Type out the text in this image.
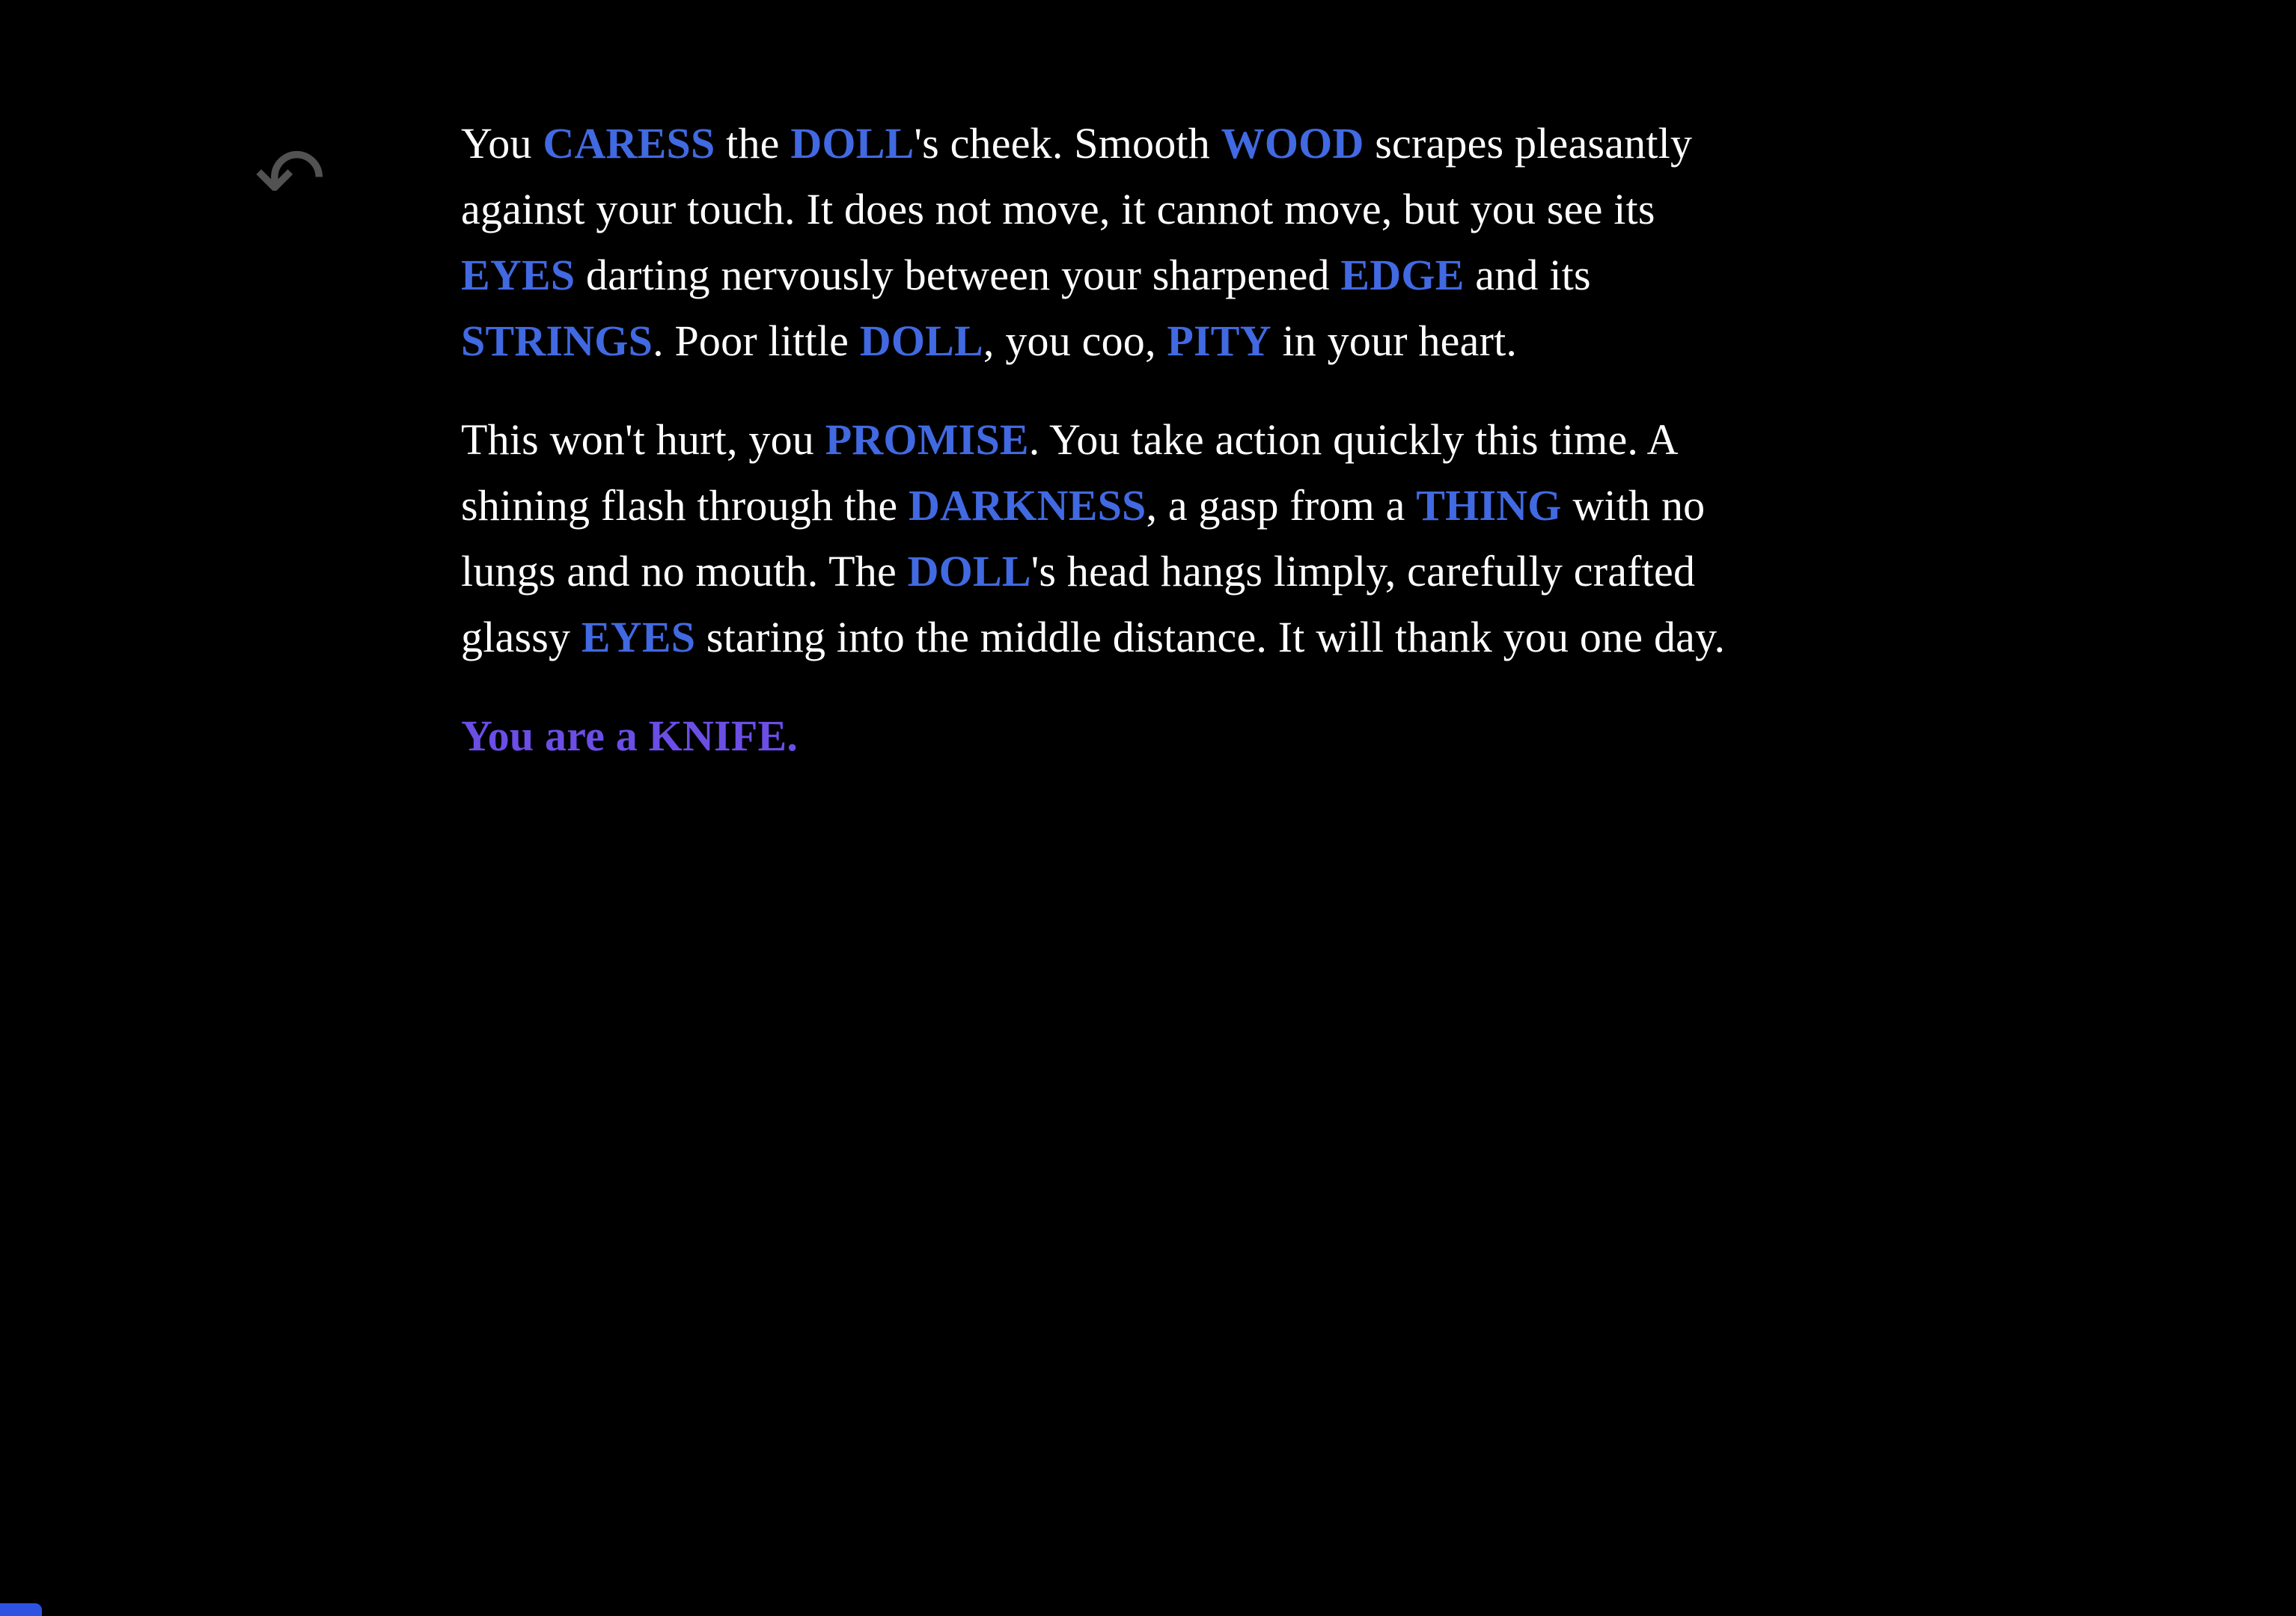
↶	You CARESS the DOLL's cheek. Smooth WOOD scrapes pleasantly
against your touch. It does not move, it cannot move, but you see its
EYES darting nervously between your sharpened EDGE and its
STRINGS. Poor little DOLL, you coo, PITY in your heart.

This won't hurt, you PROMISE. You take action quickly this time. A
shining flash through the DARKNESS, a gasp from a THING with no
lungs and no mouth. The DOLL's head hangs limply, carefully crafted
glassy EYES staring into the middle distance. It will thank you one day.

You are a KNIFE.
